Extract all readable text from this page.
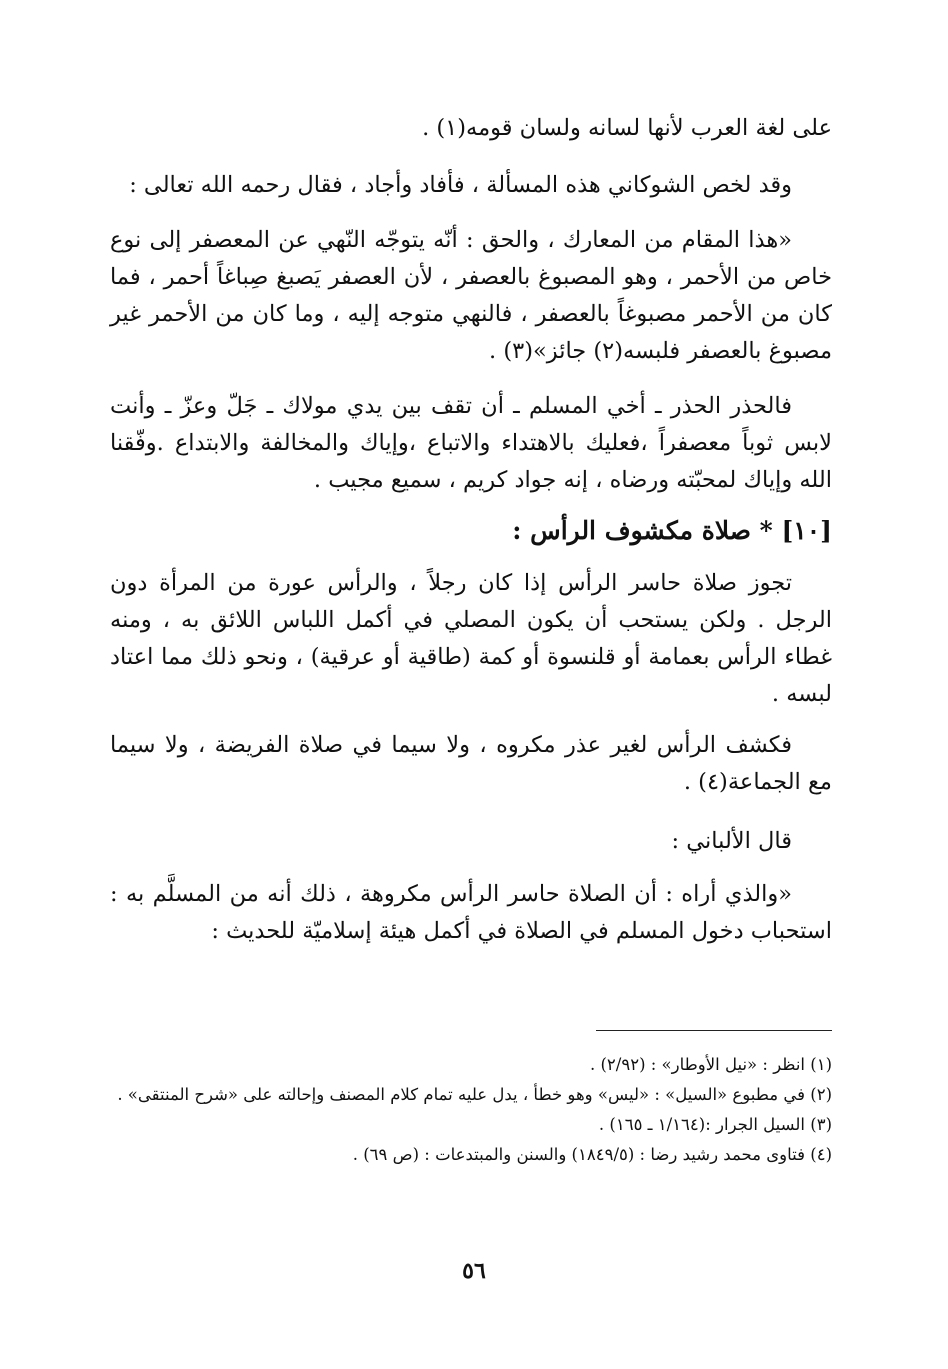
على لغة العرب لأنها لسانه ولسان قومه(١) .

وقد لخص الشوكاني هذه المسألة ، فأفاد وأجاد ، فقال رحمه الله تعالى :

«هذا المقام من المعارك ، والحق : أنّه يتوجّه النّهي عن المعصفر إلى نوع خاص من الأحمر ، وهو المصبوغ بالعصفر ، لأن العصفر يَصبغ صِباغاً أحمر ، فما كان من الأحمر مصبوغاً بالعصفر ، فالنهي متوجه إليه ، وما كان من الأحمر غير مصبوغ بالعصفر فلبسه(٢) جائز»(٣) .

فالحذر الحذر ـ أخي المسلم ـ أن تقف بين يدي مولاك ـ جَلّ وعزّ ـ وأنت لابس ثوباً معصفراً ،فعليك بالاهتداء والاتباع ،وإياك والمخالفة والابتداع .وفّقنا الله وإياك لمحبّته ورضاه ، إنه جواد كريم ، سميع مجيب .

[١٠] * صلاة مكشوف الرأس :

تجوز صلاة حاسر الرأس إذا كان رجلاً ، والرأس عورة من المرأة دون الرجل . ولكن يستحب أن يكون المصلي في أكمل اللباس اللائق به ، ومنه غطاء الرأس بعمامة أو قلنسوة أو كمة (طاقية أو عرقية) ، ونحو ذلك مما اعتاد لبسه .

فكشف الرأس لغير عذر مكروه ، ولا سيما في صلاة الفريضة ، ولا سيما مع الجماعة(٤) .

قال الألباني :

«والذي أراه : أن الصلاة حاسر الرأس مكروهة ، ذلك أنه من المسلَّم به : استحباب دخول المسلم في الصلاة في أكمل هيئة إسلاميّة للحديث :

(١) انظر : «نيل الأوطار» : (٢/٩٢) .

(٢) في مطبوع «السيل» : «ليس» وهو خطأ ، يدل عليه تمام كلام المصنف وإحالته على «شرح المنتقى» .

(٣) السيل الجرار :(١/١٦٤ ـ ١٦٥) .

(٤) فتاوى محمد رشيد رضا : (١٨٤٩/٥) والسنن والمبتدعات : (ص ٦٩) .

٥٦
